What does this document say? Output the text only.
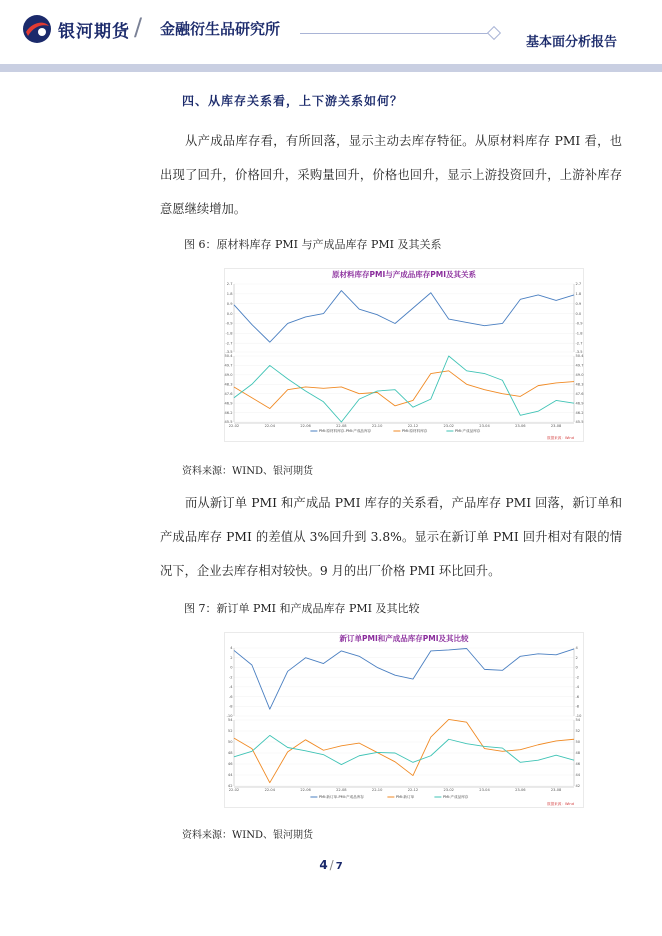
银河期货 / 金融衍生品研究所
基本面分析报告
四、从库存关系看，上下游关系如何？
从产成品库存看，有所回落，显示主动去库存特征。从原材料库存 PMI 看，也出现了回升，价格回升，采购量回升，价格也回升，显示上游投资回升，上游补库存意愿继续增加。
图 6：原材料库存 PMI 与产成品库存 PMI 及其关系
原材料库存PMI与产成品库存PMI及其关系
2.7	2.7
1.8	1.8
0.9	0.9
0.0	0.0
-0.9	-0.9
-1.8	-1.8
-2.7	-2.7
-3.5	-3.5
50.4	50.4
49.7	49.7
49.0	49.0
48.3	48.3
47.6	47.6
46.9	46.9
46.2	46.2
45.5	45.5
22-02	22-04	22-06	22-08	22-10	22-12	23-02	23-04	23-06	23-08
PMI:原材料库存-PMI:产成品库存	PMI:原材料库存	PMI:产成品库存
数据来源：Wind
资料来源：WIND、银河期货
而从新订单 PMI 和产成品 PMI 库存的关系看，产品库存 PMI 回落，新订单和产成品库存 PMI 的差值从 3%回升到 3.8%。显示在新订单 PMI 回升相对有限的情况下，企业去库存相对较快。9 月的出厂价格 PMI 环比回升。
图 7：新订单 PMI 和产成品库存 PMI 及其比较
新订单PMI和产成品库存PMI及其比较
4	4
2	2
0	0
-2	-2
-4	-4
-6	-6
-8	-8
-10	-10
54	54
52	52
50	50
48	48
46	46
44	44
42	42
22-02	22-04	22-06	22-08	22-10	22-12	23-02	23-04	23-06	23-08
PMI:新订单-PMI:产成品库存	PMI:新订单	PMI:产成品库存
数据来源：Wind
资料来源：WIND、银河期货
4 / 7
